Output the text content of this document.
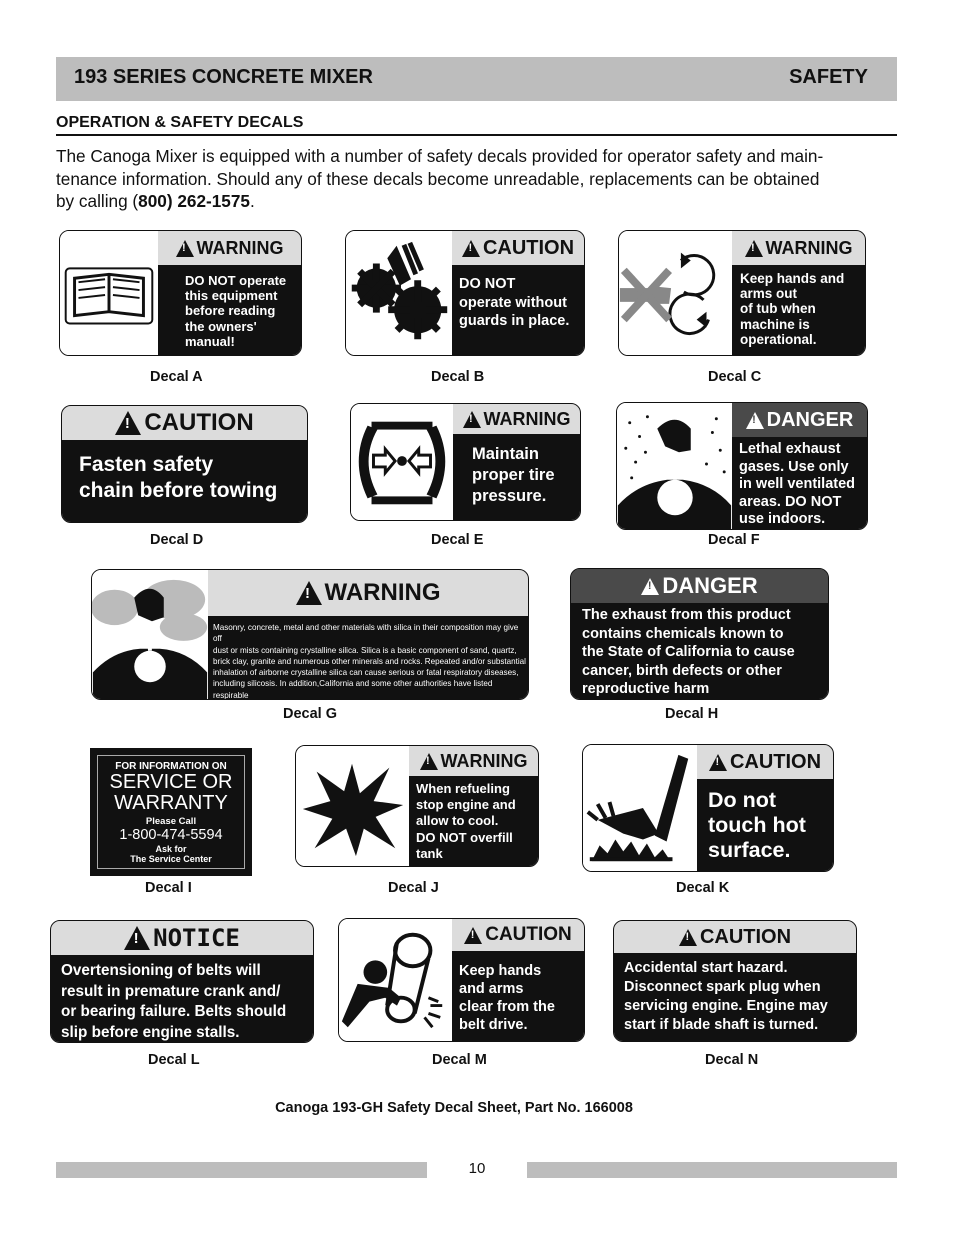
193 SERIES CONCRETE MIXER	SAFETY
OPERATION & SAFETY DECALS
The Canoga Mixer is equipped with a number of safety decals provided for operator safety and main-
tenance information. Should any of these decals become unreadable, replacements can be obtained
by calling (800) 262-1575.
!
WARNING
DO NOT operate
this equipment
before reading
the owners'
manual!
Decal A
!
CAUTION
DO NOT
operate without
guards in place.
Decal B
!
WARNING
Keep hands and
arms out
of tub when
machine is
operational.
Decal C
!
CAUTION
Fasten safety
chain before towing
Decal D
!
WARNING
Maintain
proper tire
pressure.
Decal E
!
DANGER
Lethal exhaust
gases. Use only
in well ventilated
areas. DO NOT
use indoors.
Decal F
!
WARNING
Masonry, concrete, metal and other materials with silica in their composition may give off
dust or mists containing crystalline silica. Silica is a basic component of sand, quartz,
brick clay, granite and numerous other minerals and rocks. Repeated and/or substantial
inhalation of airborne crystalline silica can cause serious or fatal respiratory diseases,
including silicosis. In addition,California and some other authorities have listed respirable
Decal G
!
DANGER
The exhaust from this product
contains chemicals known to
the State of California to cause
cancer, birth defects or other
reproductive harm
Decal H
FOR INFORMATION ON
SERVICE OR
WARRANTY
Please Call
1-800-474-5594
Ask for
The Service Center
Decal I
!
WARNING
When refueling
stop engine and
allow to cool.
DO NOT overfill
tank
Decal J
!
CAUTION
Do not
touch hot
surface.
Decal K
!
NOTICE
Overtensioning of belts will
result in premature crank and/
or bearing failure. Belts should
slip before engine stalls.
Decal L
!
CAUTION
Keep hands
and arms
clear from the
belt drive.
Decal M
!
CAUTION
Accidental start hazard.
Disconnect spark plug when
servicing engine. Engine may
start if blade shaft is turned.
Decal N
Canoga 193-GH Safety Decal Sheet, Part No. 166008
10
